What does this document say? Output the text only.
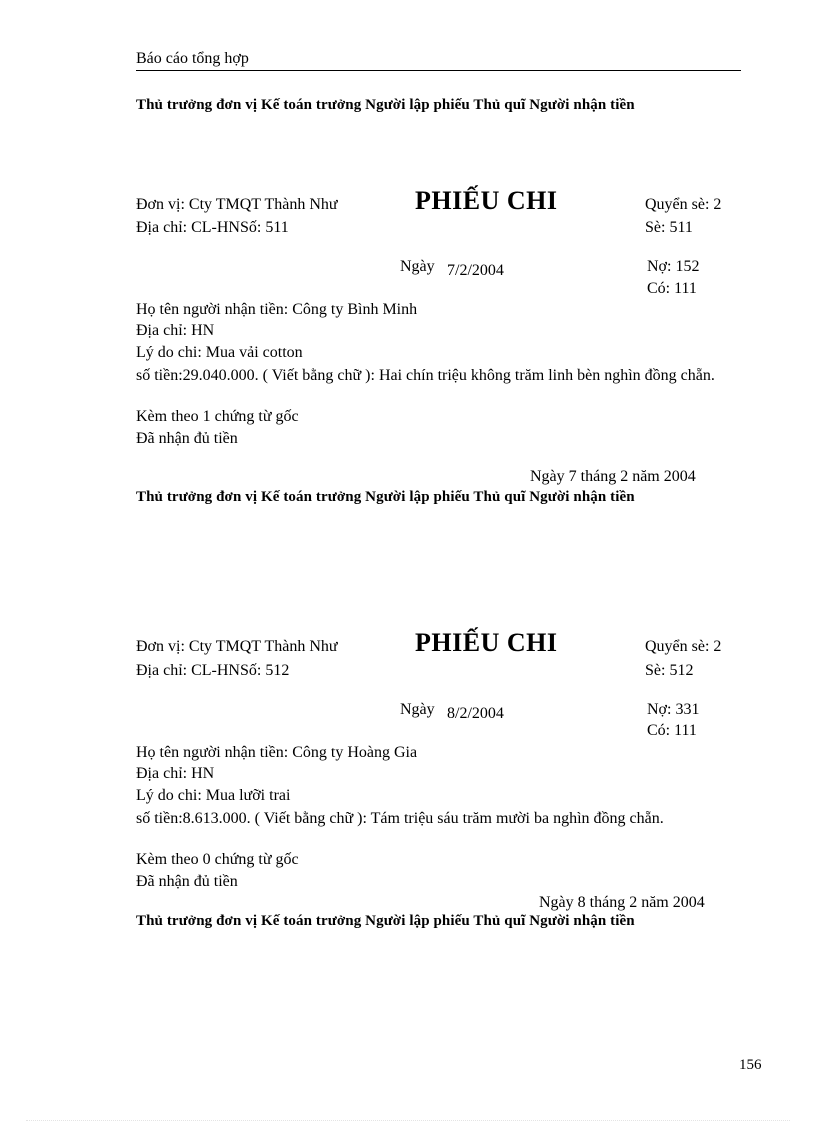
Báo cáo tổng hợp
Thủ trưởng đơn vị Kế toán trưởng Người lập phiếu Thủ quĩ Người nhận tiền
Đơn vị: Cty TMQT Thành Như	PHIẾU CHI	Quyển sè: 2
Địa chỉ: CL-HNSố: 511	Sè: 511
Ngày 7/2/2004	Nợ: 152
Có: 111
Họ tên người nhận tiền: Công ty Bình Minh
Địa chỉ: HN
Lý do chi: Mua vải cotton
số tiền:29.040.000. ( Viết bằng chữ ): Hai chín triệu không trăm linh bèn nghìn đồng chẵn.
Kèm theo 1 chứng từ gốc
Đã nhận đủ tiền
Ngày 7 tháng 2 năm 2004
Thủ trưởng đơn vị Kế toán trưởng Người lập phiếu Thủ quĩ Người nhận tiền
Đơn vị: Cty TMQT Thành Như	PHIẾU CHI	Quyển sè: 2
Địa chỉ: CL-HNSố: 512	Sè: 512
Ngày 8/2/2004	Nợ: 331
Có: 111
Họ tên người nhận tiền: Công ty Hoàng Gia
Địa chỉ: HN
Lý do chi: Mua lưỡi trai
số tiền:8.613.000. ( Viết bằng chữ ): Tám triệu sáu trăm mười ba nghìn đồng chẵn.
Kèm theo 0 chứng từ gốc
Đã nhận đủ tiền
Ngày 8 tháng 2 năm 2004
Thủ trưởng đơn vị Kế toán trưởng Người lập phiếu Thủ quĩ Người nhận tiền
156
